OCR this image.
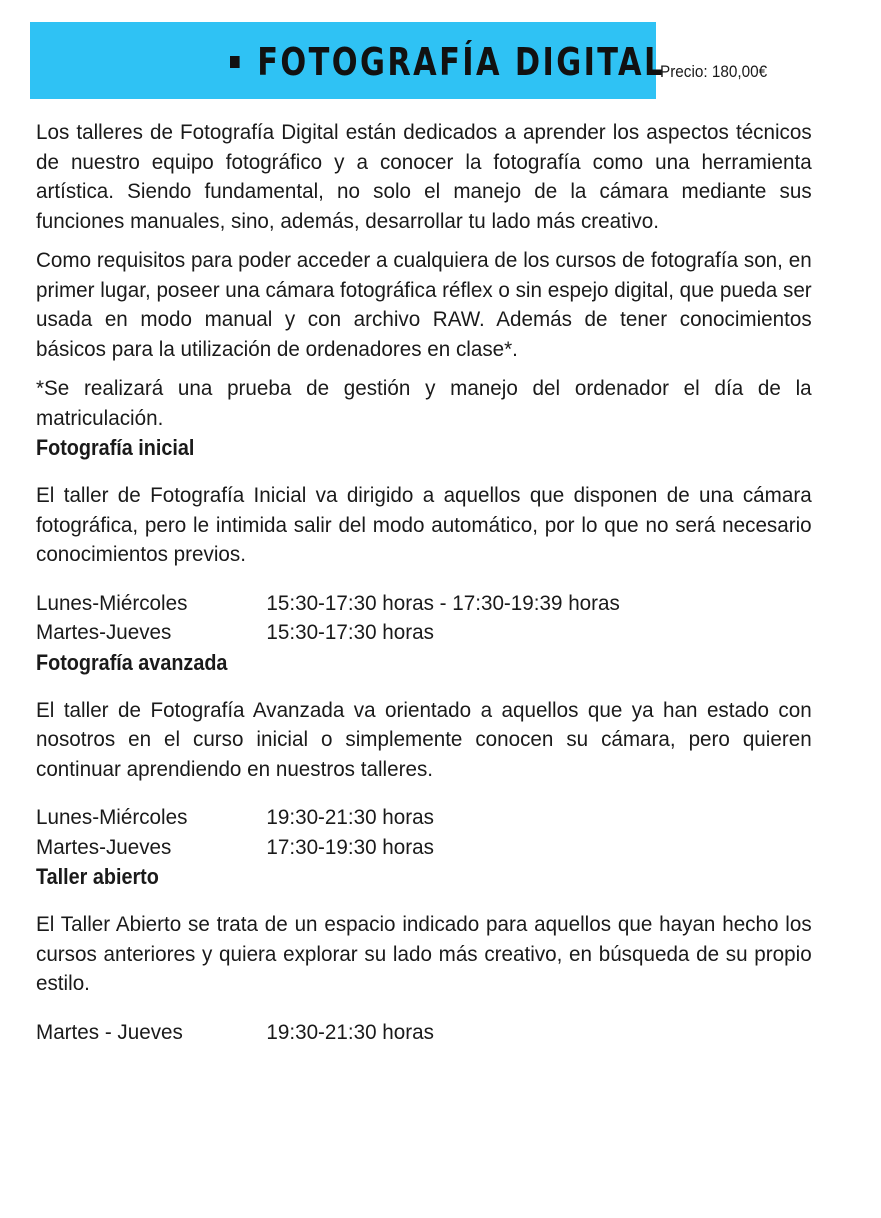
FOTOGRAFÍA DIGITAL
Precio: 180,00€

Los talleres de Fotografía Digital están dedicados a aprender los aspectos técnicos de nuestro equipo fotográfico y a conocer la fotografía como una herramienta artística. Siendo fundamental, no solo el manejo de la cámara mediante sus funciones manuales, sino, además, desarrollar tu lado más creativo.

Como requisitos para poder acceder a cualquiera de los cursos de fotografía son, en primer lugar, poseer una cámara fotográfica réflex o sin espejo digital, que pueda ser usada en modo manual y con archivo RAW. Además de tener conocimientos básicos para la utilización de ordenadores en clase*.

*Se realizará una prueba de gestión y manejo del ordenador el día de la matriculación.

Fotografía inicial

El taller de Fotografía Inicial va dirigido a aquellos que disponen de una cámara fotográfica, pero le intimida salir del modo automático, por lo que no será necesario conocimientos previos.

Lunes-Miércoles	15:30-17:30 horas - 17:30-19:39 horas
Martes-Jueves	15:30-17:30 horas
Fotografía avanzada

El taller de Fotografía Avanzada va orientado a aquellos que ya han estado con nosotros en el curso inicial o simplemente conocen su cámara, pero quieren continuar aprendiendo en nuestros talleres.

Lunes-Miércoles	19:30-21:30 horas
Martes-Jueves	17:30-19:30 horas
Taller abierto

El Taller Abierto se trata de un espacio indicado para aquellos que hayan hecho los cursos anteriores y quiera explorar su lado más creativo, en búsqueda de su propio estilo.

Martes - Jueves	19:30-21:30 horas
